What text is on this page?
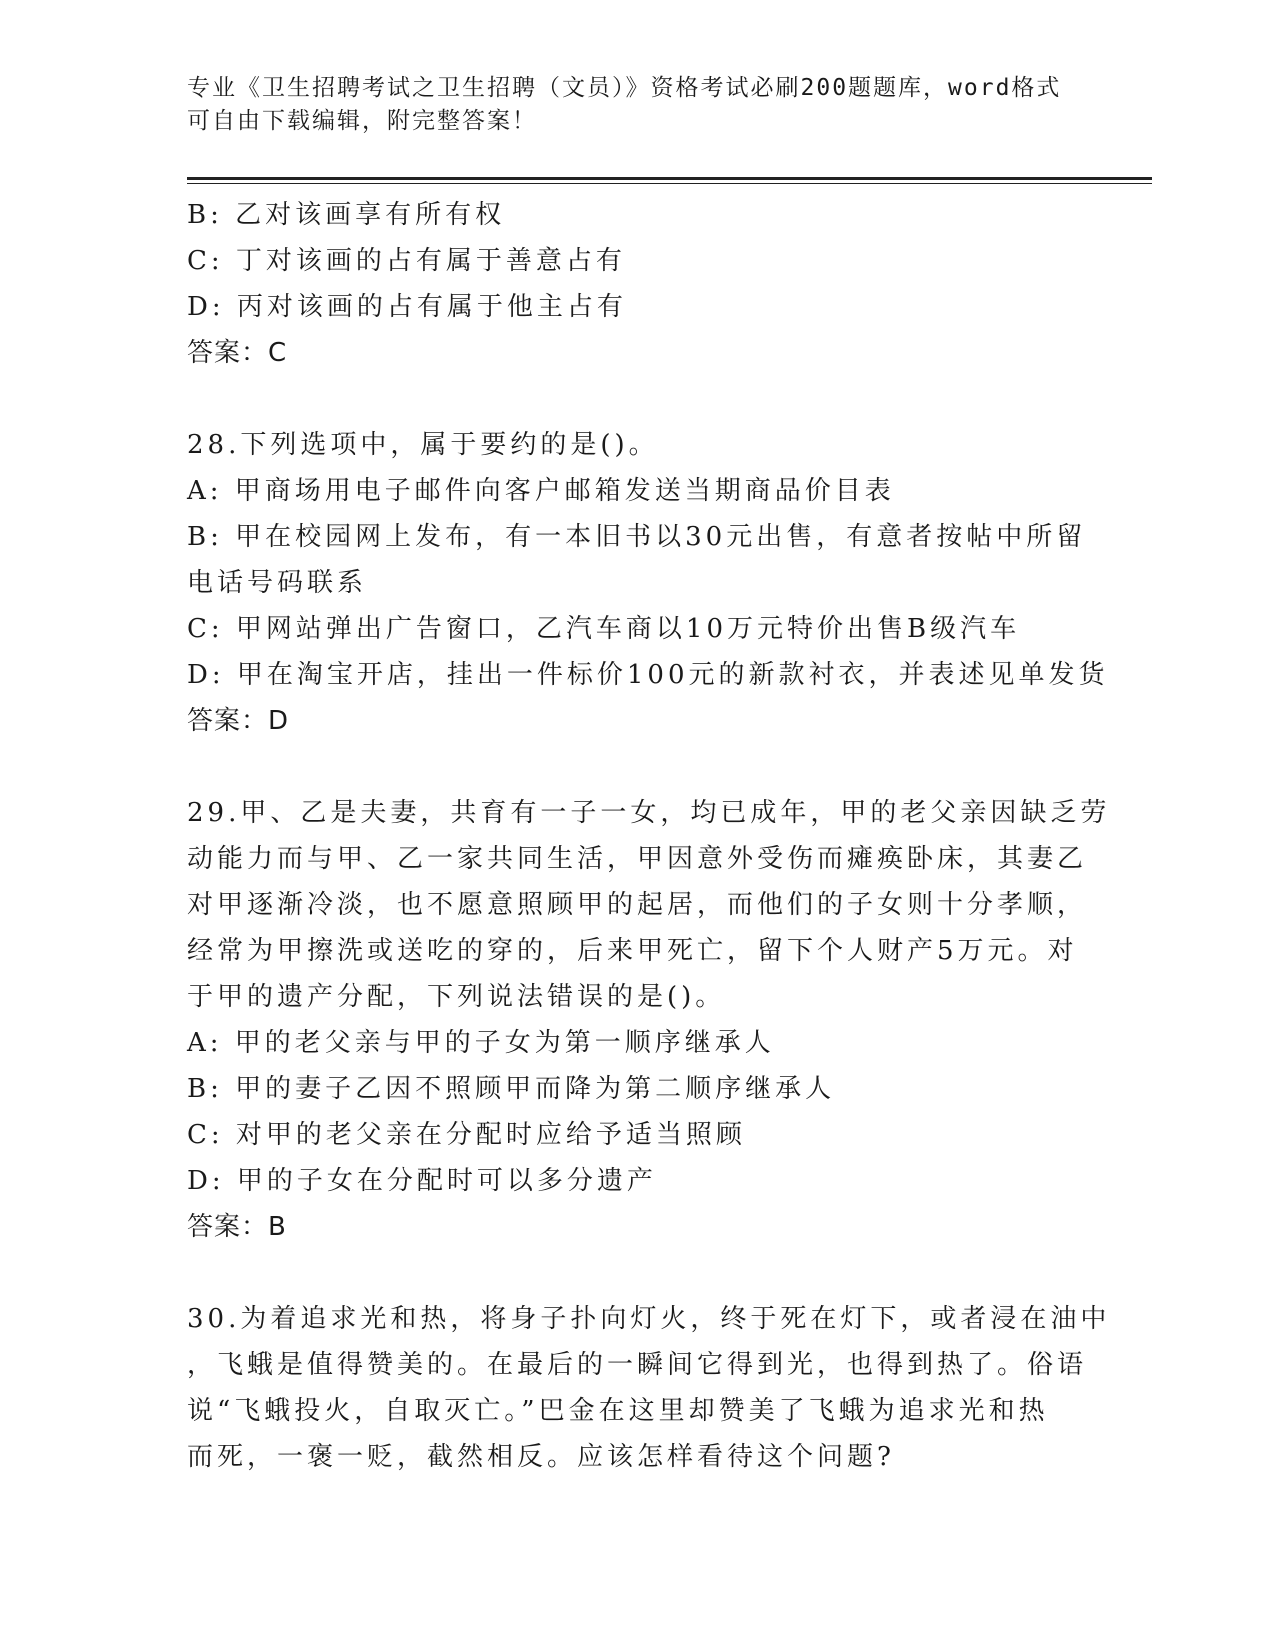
专业《卫生招聘考试之卫生招聘（文员）》资格考试必刷200题题库，word格式
可自由下载编辑，附完整答案！
B: 乙对该画享有所有权
C: 丁对该画的占有属于善意占有
D: 丙对该画的占有属于他主占有
答案：C
28.下列选项中，属于要约的是()。
A: 甲商场用电子邮件向客户邮箱发送当期商品价目表
B: 甲在校园网上发布，有一本旧书以30元出售，有意者按帖中所留
电话号码联系
C: 甲网站弹出广告窗口，乙汽车商以10万元特价出售B级汽车
D: 甲在淘宝开店，挂出一件标价100元的新款衬衣，并表述见单发货
答案：D
29.甲、乙是夫妻，共育有一子一女，均已成年，甲的老父亲因缺乏劳
动能力而与甲、乙一家共同生活，甲因意外受伤而瘫痪卧床，其妻乙
对甲逐渐冷淡，也不愿意照顾甲的起居，而他们的子女则十分孝顺，
经常为甲擦洗或送吃的穿的，后来甲死亡，留下个人财产5万元。对
于甲的遗产分配，下列说法错误的是()。
A: 甲的老父亲与甲的子女为第一顺序继承人
B: 甲的妻子乙因不照顾甲而降为第二顺序继承人
C: 对甲的老父亲在分配时应给予适当照顾
D: 甲的子女在分配时可以多分遗产
答案：B
30.为着追求光和热，将身子扑向灯火，终于死在灯下，或者浸在油中
，飞蛾是值得赞美的。在最后的一瞬间它得到光，也得到热了。俗语
说“飞蛾投火，自取灭亡。”巴金在这里却赞美了飞蛾为追求光和热
而死，一褒一贬，截然相反。应该怎样看待这个问题?
